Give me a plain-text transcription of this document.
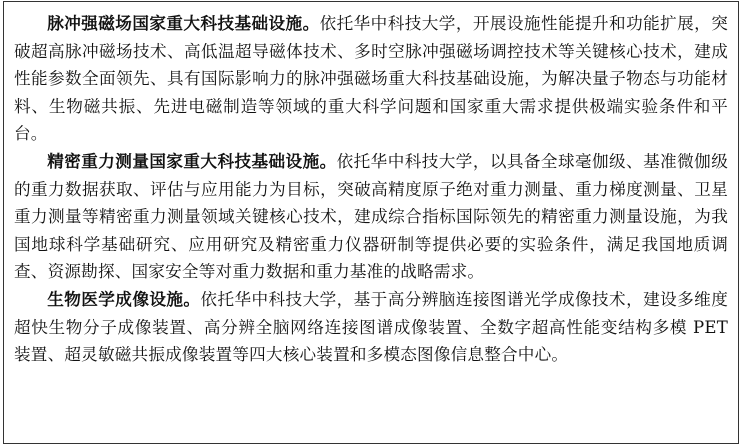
脉冲强磁场国家重大科技基础设施。依托华中科技大学，开展设施性能提升和功能扩展，突破超高脉冲磁场技术、高低温超导磁体技术、多时空脉冲强磁场调控技术等关键核心技术，建成性能参数全面领先、具有国际影响力的脉冲强磁场重大科技基础设施，为解决量子物态与功能材料、生物磁共振、先进电磁制造等领域的重大科学问题和国家重大需求提供极端实验条件和平台。

精密重力测量国家重大科技基础设施。依托华中科技大学，以具备全球毫伽级、基准微伽级的重力数据获取、评估与应用能力为目标，突破高精度原子绝对重力测量、重力梯度测量、卫星重力测量等精密重力测量领域关键核心技术，建成综合指标国际领先的精密重力测量设施，为我国地球科学基础研究、应用研究及精密重力仪器研制等提供必要的实验条件，满足我国地质调查、资源勘探、国家安全等对重力数据和重力基准的战略需求。

生物医学成像设施。依托华中科技大学，基于高分辨脑连接图谱光学成像技术，建设多维度超快生物分子成像装置、高分辨全脑网络连接图谱成像装置、全数字超高性能变结构多模 PET 装置、超灵敏磁共振成像装置等四大核心装置和多模态图像信息整合中心。
